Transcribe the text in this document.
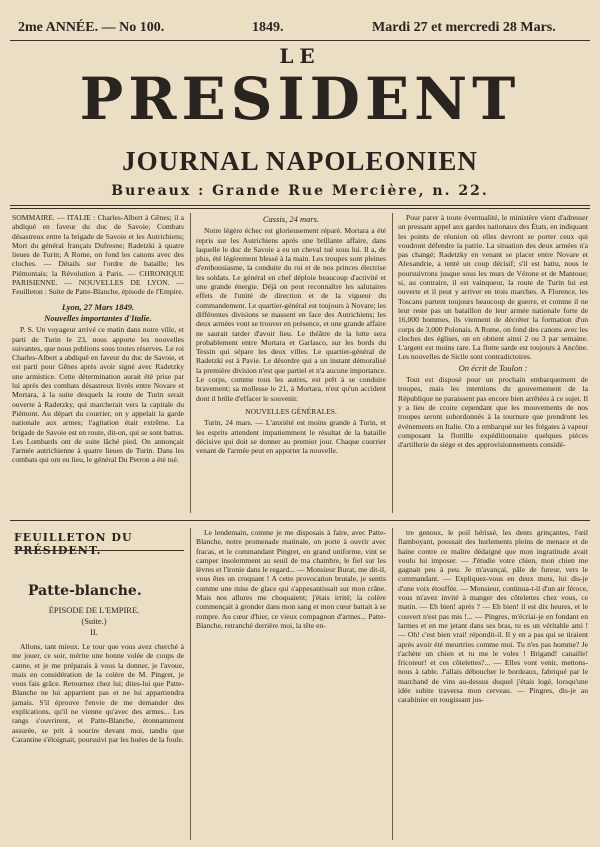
2me ANNÉE. — No 100.	1849.	Mardi 27 et mercredi 28 Mars.
LE
PRESIDENT
JOURNAL NAPOLEONIEN
Bureaux : Grande Rue Mercière, n. 22.

SOMMAIRE. — ITALIE : Charles-Albert à Gênes; il a abdiqué en faveur du duc de Savoie; Combats désastreux entre la brigade de Savoie et les Autrichiens; Mort du général français Dufresne; Radetzki à quatre lieues de Turin; A Rome, on fond les canons avec des cloches. — Détails sur l'ordre de bataille; les Piémontais; la Révolution à Paris. — CHRONIQUE PARISIENNE. — NOUVELLES DE LYON. — Feuilleton : Suite de Patte-Blanche, épisode de l'Empire.

Lyon, 27 Mars 1849.
Nouvelles importantes d'Italie.

P. S. Un voyageur arrivé ce matin dans notre ville, et parti de Turin le 23, nous apporte les nouvelles suivantes, que nous publions sous toutes réserves. Le roi Charles-Albert a abdiqué en faveur du duc de Savoie, et est parti pour Gênes après avoir signé avec Radetzky une armistice. Cette détermination aurait été prise par lui après des combats désastreux livrés entre Novare et Mortara, à la suite desquels la route de Turin serait ouverte à Radetzky, qui marcherait vers la capitale du Piémont. Au départ du courrier, on y appelait la garde nationale aux armes; l'agitation était extrême. La brigade de Savoie est en route, dit-on, qui se sont battus. Les Lombards ont de suite lâché pied. On annonçait l'armée autrichienne à quatre lieues de Turin. Dans les combats qui ont eu lieu, le général Du Perron a été tué.

Cassis, 24 mars.

Notre légère échec est glorieusement réparé. Mortara a été repris sur les Autrichiens après une brillante affaire, dans laquelle le duc de Savoie a eu un cheval tué sous lui. Il a, de plus, été légèrement blessé à la main. Les troupes sont pleines d'enthousiasme, la conduite du roi et de nos princes électrise les soldats. Le général en chef déploie beaucoup d'activité et une grande énergie. Déjà on peut reconnaître les salutaires effets de l'unité de direction et de la vigueur du commandement. Le quartier-général est toujours à Novare; les différentes divisions se massent en face des Autrichiens; les deux armées vont se trouver en présence, et une grande affaire ne saurait tarder d'avoir lieu. Le théâtre de la lutte sera probablement entre Mortara et Garlasco, sur les bords du Tessin qui sépare les deux villes. Le quartier-général de Radetzki est à Pavie. Le désordre qui a un instant démoralisé la première division n'est que partiel et n'a aucune importance. Le corps, comme tous les autres, est prêt à se conduire bravement; sa mollesse le 21, à Mortara, n'est qu'un accident dont il brûle d'effacer le souvenir.

NOUVELLES GÉNÉRALES.

Turin, 24 mars. — L'anxiété est moins grande à Turin, et les esprits attendent impatiemment le résultat de la bataille décisive qui doit se donner au premier jour. Chaque courrier venant de l'armée peut en apporter la nouvelle.

Pour parer à toute éventualité, le ministère vient d'adresser un pressant appel aux gardes nationaux des États, en indiquant les points de réunion où elles devront se porter ceux qui voudront défendre la patrie. La situation des deux armées n'a pas changé; Radetzky en venant se placer entre Novare et Alexandrie, a tenté un coup décisif; s'il est battu, nous le poursuivrons jusque sous les murs de Vérone et de Mantoue; si, au contraire, il est vainqueur, la route de Turin lui est ouverte et il peut y arriver en trois marches. A Florence, les Toscans partent toujours beaucoup de guerre, et comme il ne leur reste pas un bataillon de leur armée nationale forte de 16,000 hommes, ils viennent de décréter la formation d'un corps de 3,000 Polonais. A Rome, on fond des canons avec les cloches des églises, on en obtient ainsi 2 ou 3 par semaine. L'argent est moins rare. La flotte sarde est toujours à Ancône. Les nouvelles de Sicile sont contradictoires.

On écrit de Toulon :

Tout est disposé pour un prochain embarquement de troupes, mais les intentions du gouvernement de la République ne paraissent pas encore bien arrêtées à ce sujet. Il y a lieu de croire cependant que les mouvements de nos troupes seront subordonnés à la tournure que prendront les événements en Italie. On a embarqué sur les frégates à vapeur composant la flottille expéditionnaire quelques pièces d'artillerie de siége et des approvisionnements considé-

FEUILLETON DU PRÉSIDENT.
Patte-blanche.
ÉPISODE DE L'EMPIRE.
(Suite.)
II.

Allons, tant mieux. Le tour que vous avez cherché à me jouer, ce soir, mérite une bonne volée de coups de canne, et je me préparais à vous la donner, je l'avoue, mais en considération de la colère de M. Pingret, je vous fais grâce. Retournez chez lui; dites-lui que Patte-Blanche ne lui appartient pas et ne lui appartiendra jamais. S'il éprouve l'envie de me demander des explications, qu'il ne vienne qu'avec des armes... Les rangs s'ouvrirent, et Patte-Blanche, étonnamment assurée, se prit à sourire devant moi, tandis que Carantine s'éloignait, poursuivi par les huées de la foule.

Le lendemain, comme je me disposais à faire, avec Patte-Blanche, notre promenade matinale, on porte à ouvrir avec fracas, et le commandant Pingret, en grand uniforme, vint se camper insolemment au seuil de ma chambre, le fiel sur les lèvres et l'ironie dans le regard... — Monsieur Burat, me dit-il, vous êtes un croquant ! A cette provocation brutale, je sentis comme une mise de glace qui s'appesantissait sur mon crâne. Mais nos allures me choquaient; j'étais irrité; la colère commençait à gronder dans mon sang et mon cœur battait à se rompre. Au cœur d'hier, ce vieux compagnon d'armes... Patte-Blanche, retranché derrière moi, la tête en-

tre genoux, le poil hérissé, les dents grinçantes, l'œil flamboyant, poussait des hurlements pleins de menace et de haine contre ce maître dédaigné que mon ingratitude avait voulu lui imposer. — J'étudie votre chien, mon chien me gagnait peu à peu. Je m'avançai, pâle de fureur, vers le commandant. — Expliquez-vous en deux mots, lui dis-je d'une voix étouffée. — Monsieur, continua-t-il d'un air féroce, vous m'avez invité à manger des côtelettes chez vous, ce matin. — Eh bien! après ? — Eh bien! il est dix heures, et le couvert n'est pas mis !... — Pingres, m'écriai-je en fondant en larmes et en me jetant dans ses bras, tu es un véritable ami ! — Oh! c'est bien vrai! répondit-il. Il y en a pas qui se tiraient après avoir été meurtries comme moi. Tu n'es pas homme? Je t'achète un chien et tu me le voles ! Brigand! canaille! fricoteur! et ces côtelettes?... — Elles vont venir, mettons-nous à table. J'allais déboucher le bordeaux, fabriqué par le marchand de vins au-dessus duquel j'étais logé, lorsqu'une idée subite traversa mon cerveau. — Pingres, dis-je au carabinier en rougissant jus-
